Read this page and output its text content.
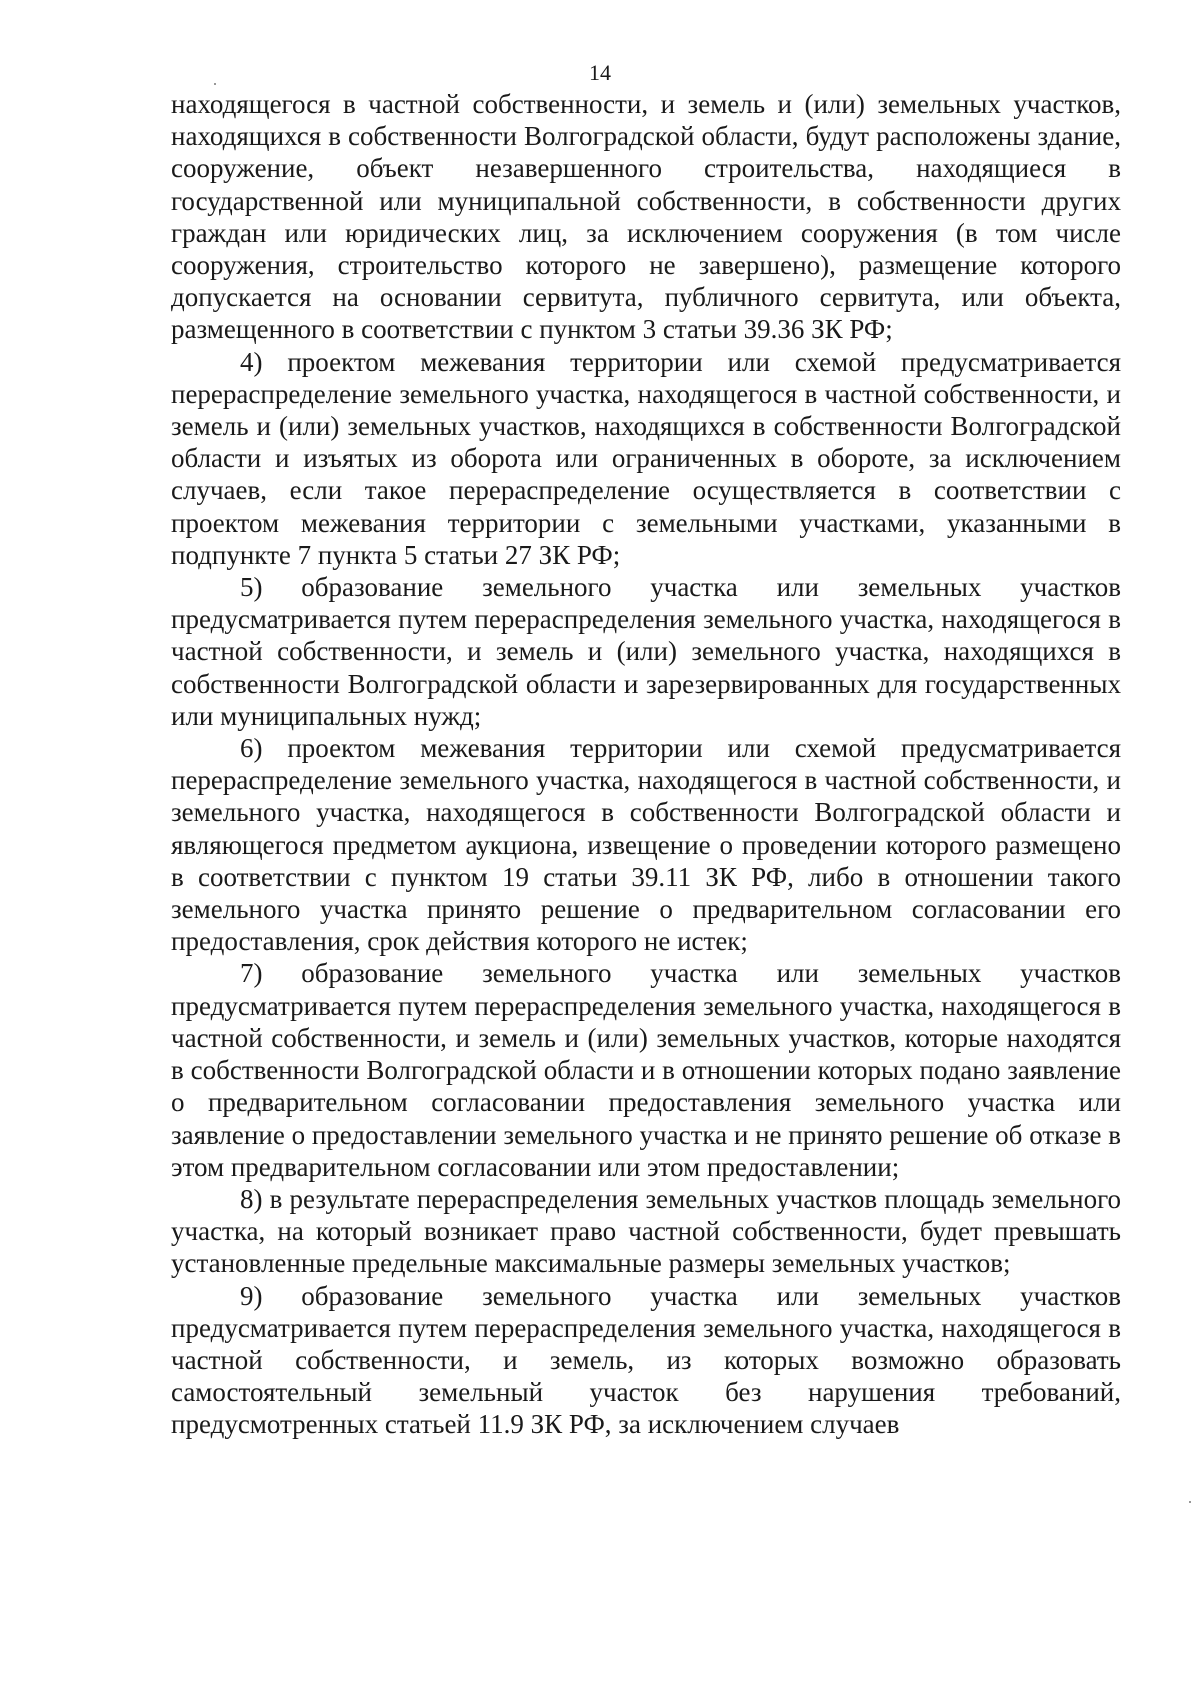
14

находящегося в частной собственности, и земель и (или) земельных участков, находящихся в собственности Волгоградской области, будут расположены здание, сооружение, объект незавершенного строительства, находящиеся в государственной или муниципальной собственности, в собственности других граждан или юридических лиц, за исключением сооружения (в том числе сооружения, строительство которого не завершено), размещение которого допускается на основании сервитута, публичного сервитута, или объекта, размещенного в соответствии с пунктом 3 статьи 39.36 ЗК РФ;

4) проектом межевания территории или схемой предусматривается перераспределение земельного участка, находящегося в частной собственности, и земель и (или) земельных участков, находящихся в собственности Волгоградской области и изъятых из оборота или ограниченных в обороте, за исключением случаев, если такое перераспределение осуществляется в соответствии с проектом межевания территории с земельными участками, указанными в подпункте 7 пункта 5 статьи 27 ЗК РФ;

5) образование земельного участка или земельных участков предусматривается путем перераспределения земельного участка, находящегося в частной собственности, и земель и (или) земельного участка, находящихся в собственности Волгоградской области и зарезервированных для государственных или муниципальных нужд;

6) проектом межевания территории или схемой предусматривается перераспределение земельного участка, находящегося в частной собственности, и земельного участка, находящегося в собственности Волгоградской области и являющегося предметом аукциона, извещение о проведении которого размещено в соответствии с пунктом 19 статьи 39.11 ЗК РФ, либо в отношении такого земельного участка принято решение о предварительном согласовании его предоставления, срок действия которого не истек;

7) образование земельного участка или земельных участков предусматривается путем перераспределения земельного участка, находящегося в частной собственности, и земель и (или) земельных участков, которые находятся в собственности Волгоградской области и в отношении которых подано заявление о предварительном согласовании предоставления земельного участка или заявление о предоставлении земельного участка и не принято решение об отказе в этом предварительном согласовании или этом предоставлении;

8) в результате перераспределения земельных участков площадь земельного участка, на который возникает право частной собственности, будет превышать установленные предельные максимальные размеры земельных участков;

9) образование земельного участка или земельных участков предусматривается путем перераспределения земельного участка, находящегося в частной собственности, и земель, из которых возможно образовать самостоятельный земельный участок без нарушения требований, предусмотренных статьей 11.9 ЗК РФ, за исключением случаев
